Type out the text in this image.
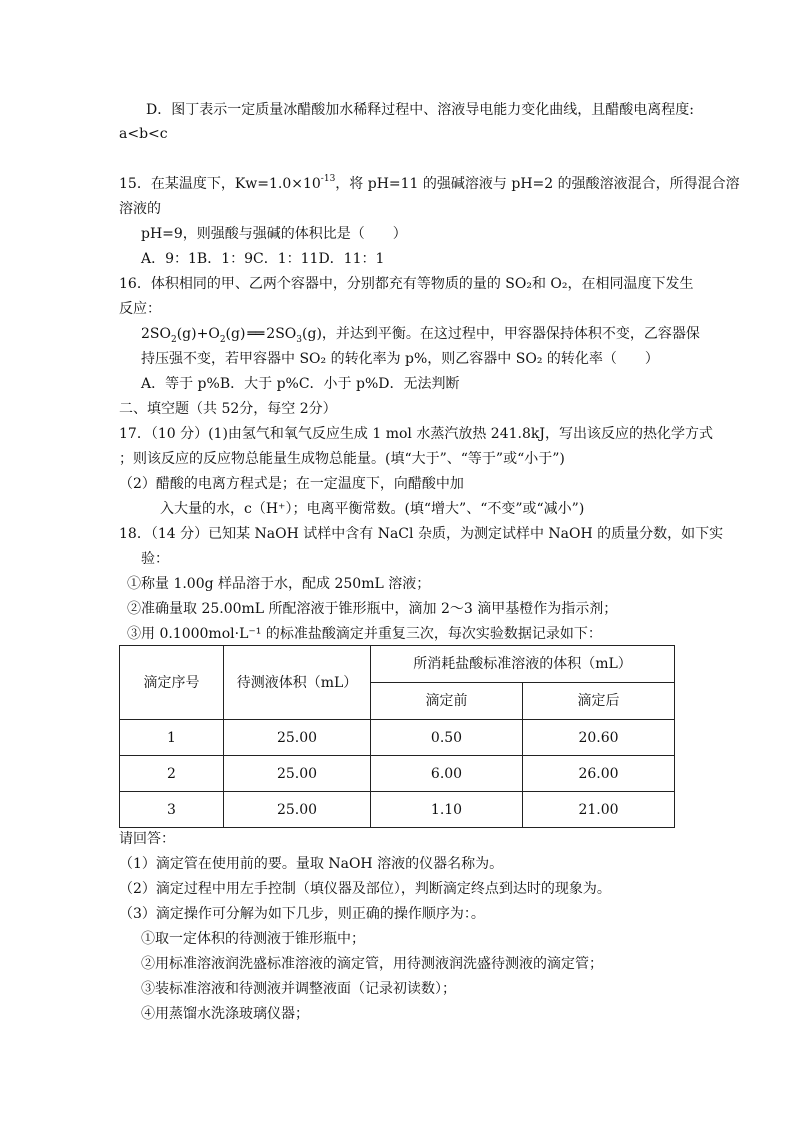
D．图丁表示一定质量冰醋酸加水稀释过程中、溶液导电能力变化曲线，且醋酸电离程度:
a<b<c
15．在某温度下，$Kw=1.0\times 10^{-13}$，将 pH=11 的强碱溶液与 pH=2 的强酸溶液混合，所得混合溶
溶液的
pH=9，则强酸与强碱的体积比是（　　）
A．9：1B．1：9C．1：11D．11：1
16．体积相同的甲、乙两个容器中，分别都充有等物质的量的 SO₂和 O₂，在相同温度下发生
反应：
$2SO_2(g)+O_2(g)$ ══ $2SO_3(g)$，并达到平衡。在这过程中，甲容器保持体积不变，乙容器保
持压强不变，若甲容器中 SO₂ 的转化率为 p%，则乙容器中 SO₂ 的转化率（　　）
A．等于 p%B．大于 p%C．小于 p%D．无法判断
二、填空题（共 52分，每空 2分）
17．（10 分）(1)由氢气和氧气反应生成 1 mol 水蒸汽放热 241.8kJ，写出该反应的热化学方式
；则该反应的反应物总能量生成物总能量。(填“大于”、“等于”或“小于”)
（2）醋酸的电离方程式是；在一定温度下，向醋酸中加
入大量的水，c（H⁺）；电离平衡常数。(填“增大”、“不变”或“减小”)
18．（14 分）已知某 NaOH 试样中含有 NaCl 杂质，为测定试样中 NaOH 的质量分数，如下实
验：
①称量 1.00g 样品溶于水，配成 250mL 溶液；
②准确量取 25.00mL 所配溶液于锥形瓶中，滴加 2～3 滴甲基橙作为指示剂；
③用 0.1000mol·L⁻¹ 的标准盐酸滴定并重复三次，每次实验数据记录如下：
滴定序号	待测液体积（mL）	所消耗盐酸标准溶液的体积（mL）	
		滴定前	滴定后
1	25.00	0.50	20.60
2	25.00	6.00	26.00
3	25.00	1.10	21.00
请回答：
（1）滴定管在使用前的要。量取 NaOH 溶液的仪器名称为。
（2）滴定过程中用左手控制（填仪器及部位），判断滴定终点到达时的现象为。
（3）滴定操作可分解为如下几步，则正确的操作顺序为：。
①取一定体积的待测液于锥形瓶中；
②用标准溶液润洗盛标准溶液的滴定管，用待测液润洗盛待测液的滴定管；
③装标准溶液和待测液并调整液面（记录初读数）；
④用蒸馏水洗涤玻璃仪器；
